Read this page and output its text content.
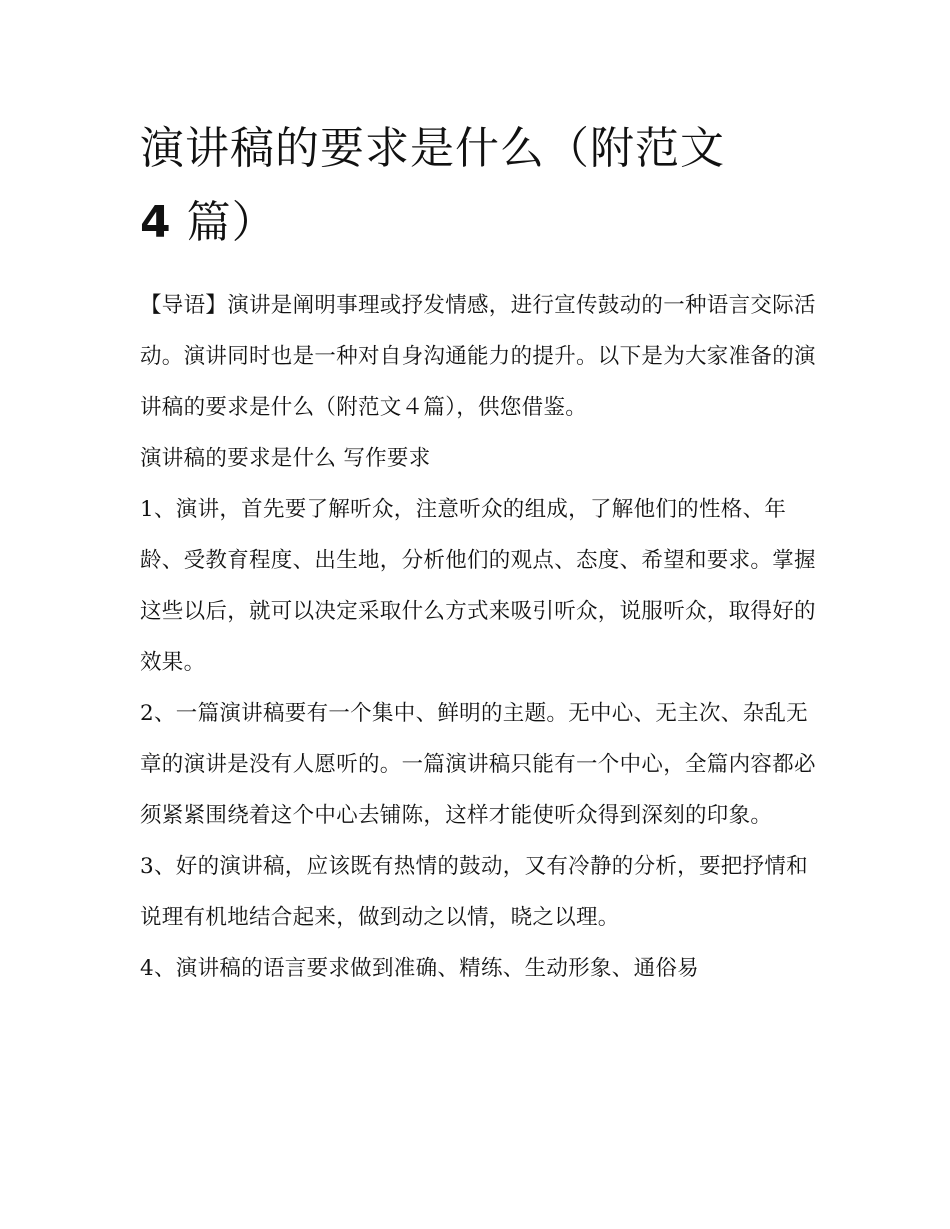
演讲稿的要求是什么（附范文
4 篇）

【导语】演讲是阐明事理或抒发情感，进行宣传鼓动的一种语言交际活动。演讲同时也是一种对自身沟通能力的提升。以下是为大家准备的演讲稿的要求是什么（附范文４篇），供您借鉴。

演讲稿的要求是什么 写作要求

1、演讲，首先要了解听众，注意听众的组成，了解他们的性格、年龄、受教育程度、出生地，分析他们的观点、态度、希望和要求。掌握这些以后，就可以决定采取什么方式来吸引听众，说服听众，取得好的效果。

2、一篇演讲稿要有一个集中、鲜明的主题。无中心、无主次、杂乱无章的演讲是没有人愿听的。一篇演讲稿只能有一个中心，全篇内容都必须紧紧围绕着这个中心去铺陈，这样才能使听众得到深刻的印象。

3、好的演讲稿，应该既有热情的鼓动，又有冷静的分析，要把抒情和说理有机地结合起来，做到动之以情，晓之以理。

4、演讲稿的语言要求做到准确、精练、生动形象、通俗易
